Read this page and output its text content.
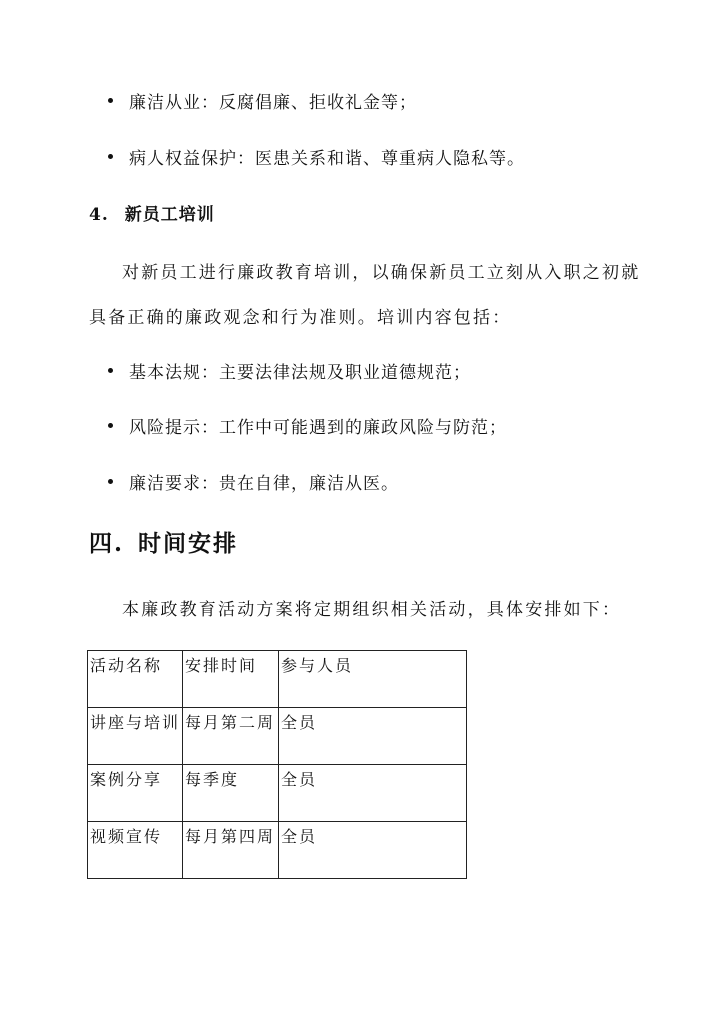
廉洁从业：反腐倡廉、拒收礼金等；
病人权益保护：医患关系和谐、尊重病人隐私等。
4. 新员工培训
对新员工进行廉政教育培训，以确保新员工立刻从入职之初就
具备正确的廉政观念和行为准则。培训内容包括：
基本法规：主要法律法规及职业道德规范；
风险提示：工作中可能遇到的廉政风险与防范；
廉洁要求：贵在自律，廉洁从医。
四. 时间安排
本廉政教育活动方案将定期组织相关活动，具体安排如下：
活动名称	安排时间	参与人员
讲座与培训	每月第二周	全员
案例分享	每季度	全员
视频宣传	每月第四周	全员
